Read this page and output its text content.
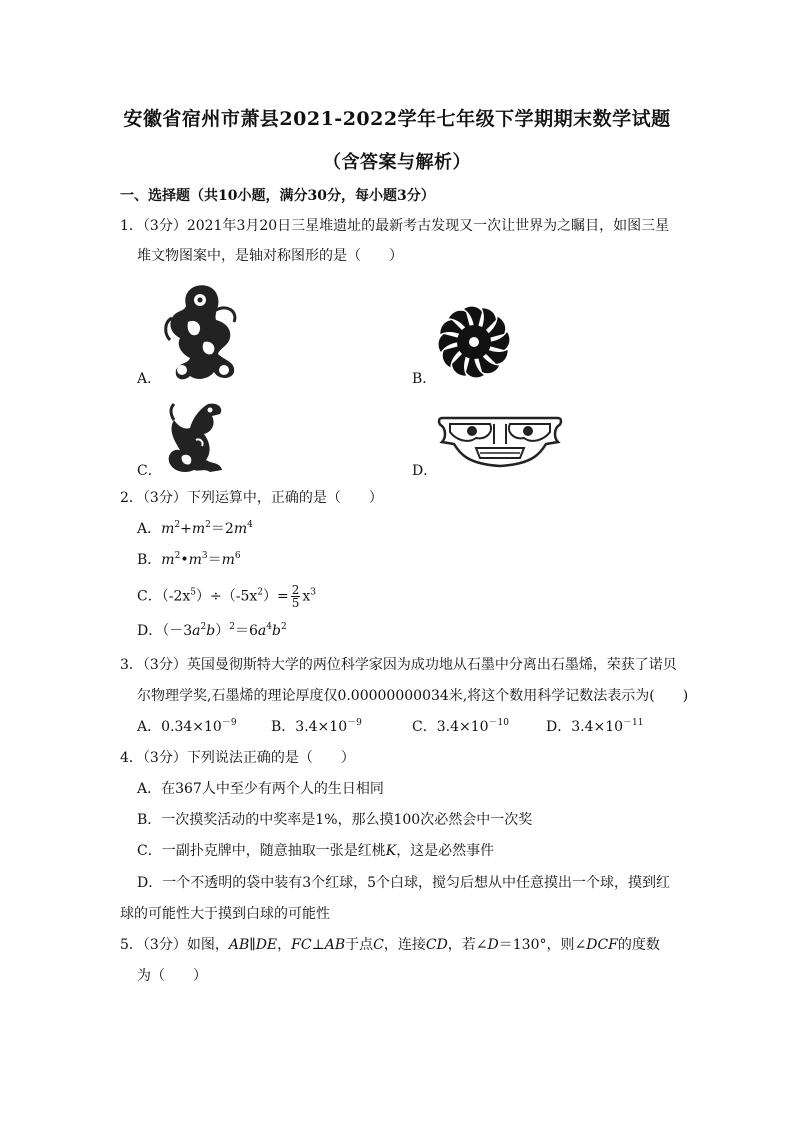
安徽省宿州市萧县2021-2022学年七年级下学期期末数学试题
（含答案与解析）
一、选择题（共10小题，满分30分，每小题3分）
1．（3分）2021年3月20日三星堆遗址的最新考古发现又一次让世界为之瞩目，如图三星
堆文物图案中，是轴对称图形的是（　　）
A．	B．
C．	D．
2．（3分）下列运算中，正确的是（　　）
A．$m^2+m^2=2m^4$
B．$m^2•m^3=m^6$
C．$(-2x^5)\div(-5x^2)= \frac{2}{5} x^3$
D．$(-3a^2b)^2=6a^4b^2$
3．（3分）英国曼彻斯特大学的两位科学家因为成功地从石墨中分离出石墨烯，荣获了诺贝
尔物理学奖,石墨烯的理论厚度仅0.00000000034米,将这个数用科学记数法表示为(　　)
A．$0.34\times 10^{-9}$ B．$3.4\times 10^{-9}$	C．$3.4\times 10^{-10}$	D．$3.4\times 10^{-11}$
4．（3分）下列说法正确的是（　　）
A．在367人中至少有两个人的生日相同
B．一次摸奖活动的中奖率是1%，那么摸100次必然会中一次奖
C．一副扑克牌中，随意抽取一张是红桃K，这是必然事件
D．一个不透明的袋中装有3个红球，5个白球，搅匀后想从中任意摸出一个球，摸到红
球的可能性大于摸到白球的可能性
5．（3分）如图，AB∥DE，FC⊥AB于点C，连接CD，若∠D＝130°，则∠DCF的度数
为（　　）
